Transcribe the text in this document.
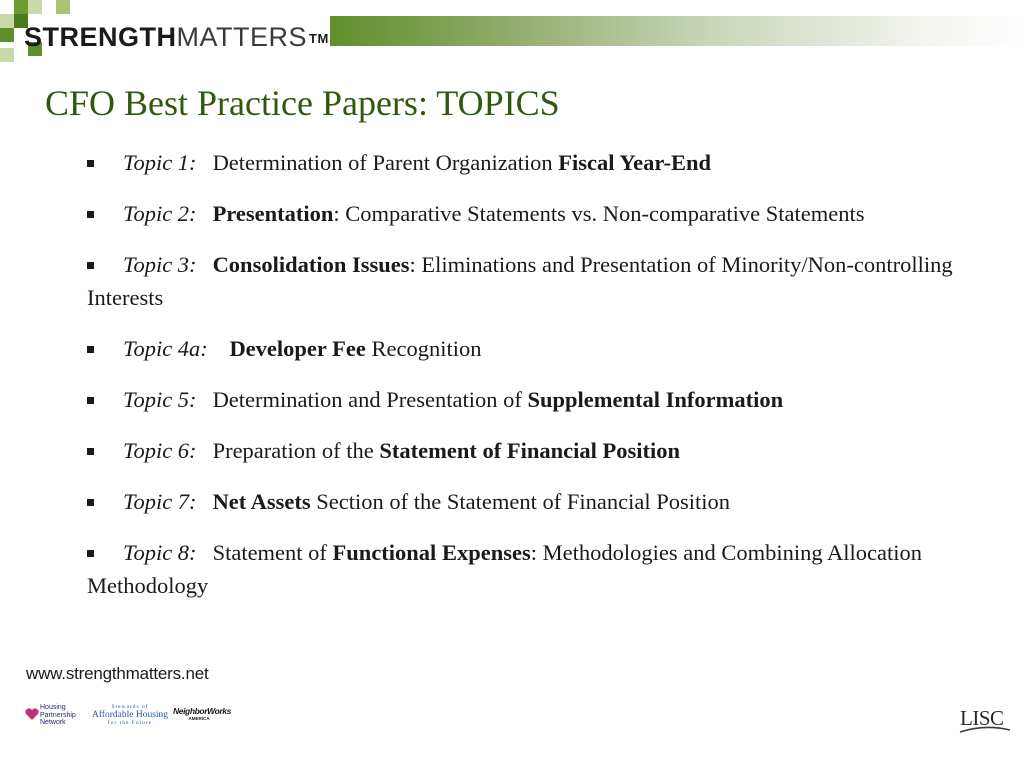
STRENGTHMATTERS ™
CFO Best Practice Papers: TOPICS
Topic 1: Determination of Parent Organization Fiscal Year-End
Topic 2: Presentation: Comparative Statements vs. Non-comparative Statements
Topic 3: Consolidation Issues: Eliminations and Presentation of Minority/Non-controlling Interests
Topic 4a: Developer Fee Recognition
Topic 5: Determination and Presentation of Supplemental Information
Topic 6: Preparation of the Statement of Financial Position
Topic 7: Net Assets Section of the Statement of Financial Position
Topic 8: Statement of Functional Expenses: Methodologies and Combining Allocation Methodology
www.strengthmatters.net
Housing
Partnership
Network
Stewards of
Affordable Housing
for the Future
NeighborWorks
AMERICA	LISC
